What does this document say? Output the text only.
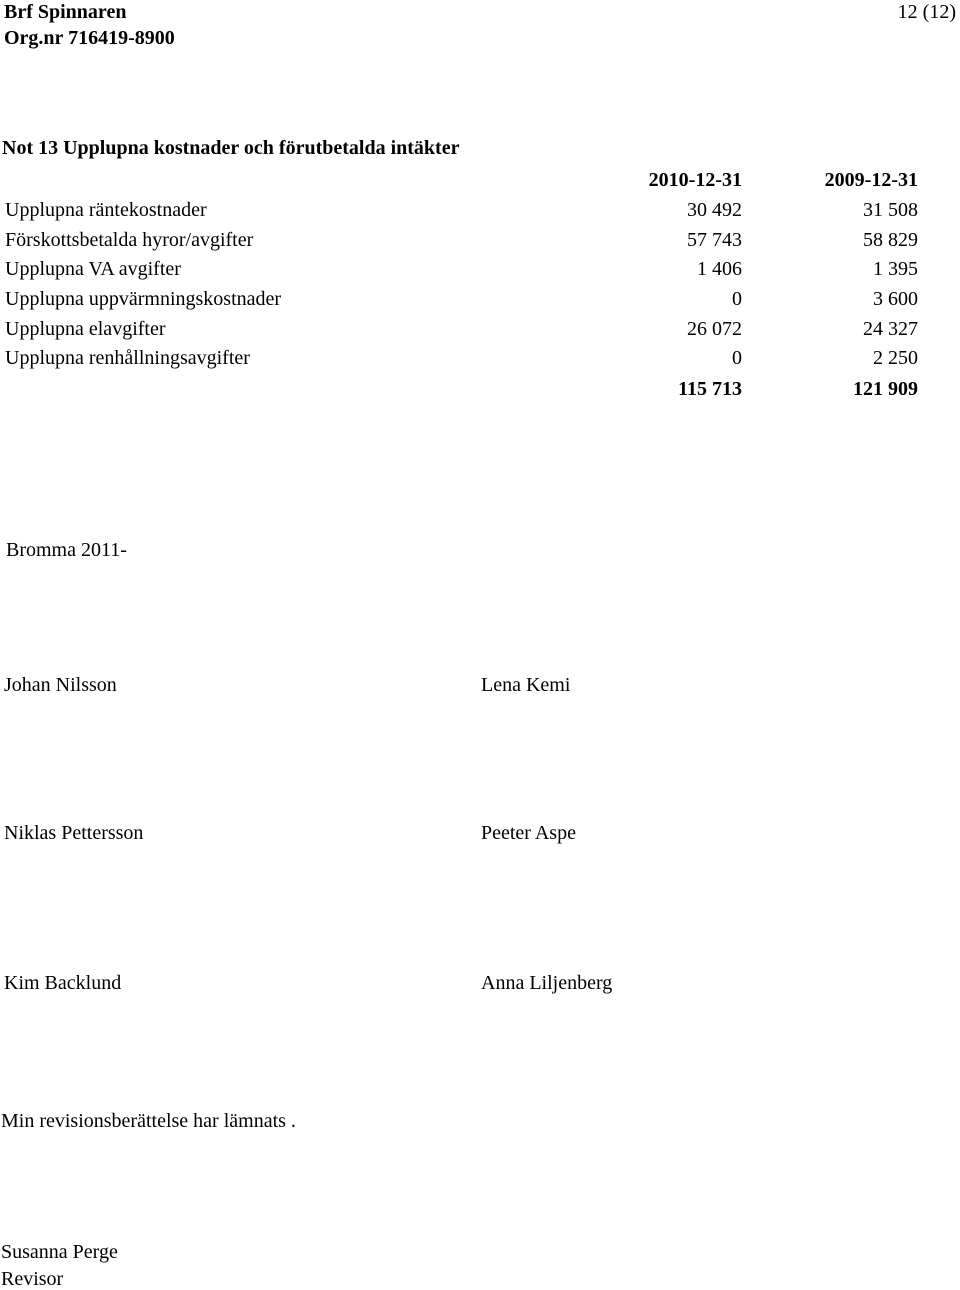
Brf Spinnaren
Org.nr 716419-8900
12 (12)
Not 13 Upplupna kostnader och förutbetalda intäkter
2010-12-31	2009-12-31
Upplupna räntekostnader	30 492	31 508
Förskottsbetalda hyror/avgifter	57 743	58 829
Upplupna VA avgifter	1 406	1 395
Upplupna uppvärmningskostnader	0	3 600
Upplupna elavgifter	26 072	24 327
Upplupna renhållningsavgifter	0	2 250
115 713	121 909
Bromma 2011-
Johan Nilsson	Lena Kemi
Niklas Pettersson	Peeter Aspe
Kim Backlund	Anna Liljenberg
Min revisionsberättelse har lämnats .
Susanna Perge
Revisor
